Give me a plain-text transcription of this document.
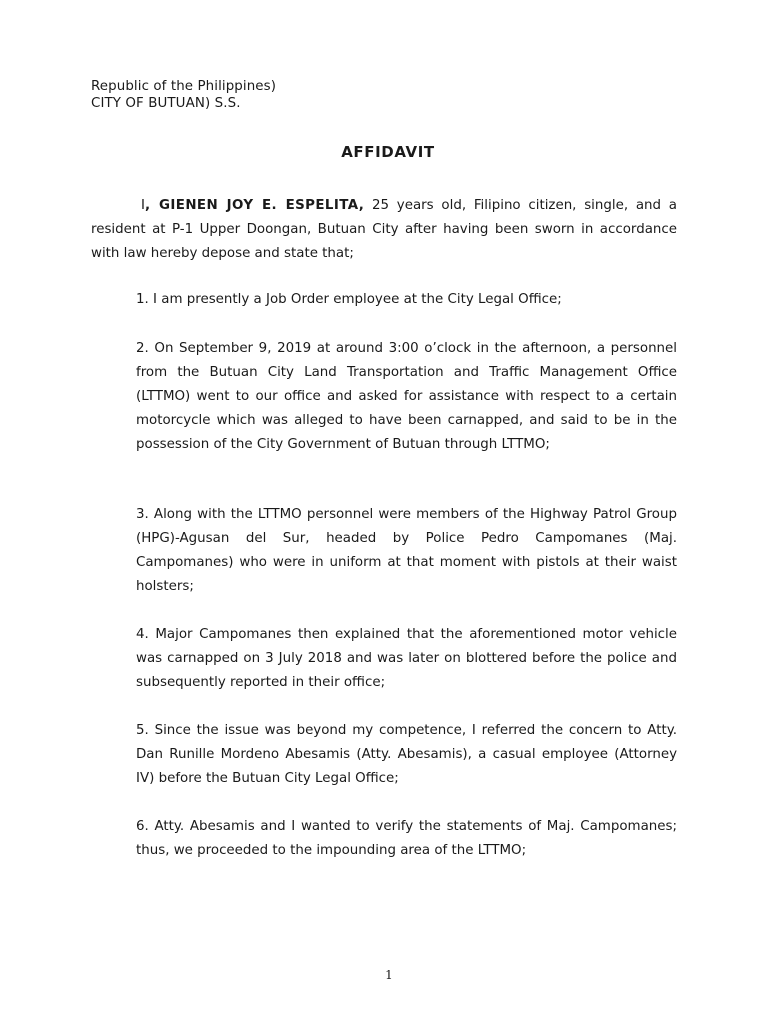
Republic of the Philippines)
CITY OF BUTUAN) S.S.
AFFIDAVIT
I, GIENEN JOY E. ESPELITA, 25 years old, Filipino citizen, single, and a resident at P-1 Upper Doongan, Butuan City after having been sworn in accordance with law hereby depose and state that;
1. I am presently a Job Order employee at the City Legal Office;
2. On September 9, 2019 at around 3:00 o’clock in the afternoon, a personnel from the Butuan City Land Transportation and Traffic Management Office (LTTMO) went to our office and asked for assistance with respect to a certain motorcycle which was alleged to have been carnapped, and said to be in the possession of the City Government of Butuan through LTTMO;
3. Along with the LTTMO personnel were members of the Highway Patrol Group (HPG)-Agusan del Sur, headed by Police Pedro Campomanes (Maj. Campomanes) who were in uniform at that moment with pistols at their waist holsters;
4. Major Campomanes then explained that the aforementioned motor vehicle was carnapped on 3 July 2018 and was later on blottered before the police and subsequently reported in their office;
5. Since the issue was beyond my competence, I referred the concern to Atty. Dan Runille Mordeno Abesamis (Atty. Abesamis), a casual employee (Attorney IV) before the Butuan City Legal Office;
6. Atty. Abesamis and I wanted to verify the statements of Maj. Campomanes; thus, we proceeded to the impounding area of the LTTMO;
1
